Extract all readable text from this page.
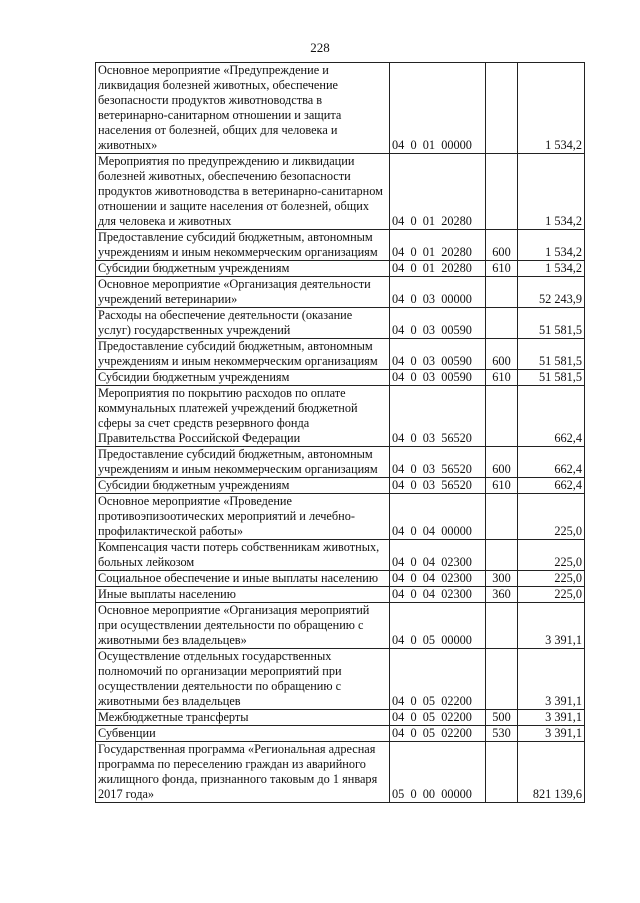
228
Основное мероприятие «Предупреждение и ликвидация болезней животных, обеспечение безопасности продуктов животноводства в ветеринарно-санитарном отношении и защита населения от болезней, общих для человека и животных»	04  0  01  00000		1 534,2
Мероприятия по предупреждению и ликвидации болезней животных, обеспечению безопасности продуктов животноводства в ветеринарно-санитарном отношении и защите населения от болезней, общих для человека и животных	04  0  01  20280		1 534,2
Предоставление субсидий бюджетным, автономным учреждениям и иным некоммерческим организациям	04  0  01  20280	600	1 534,2
Субсидии бюджетным учреждениям	04  0  01  20280	610	1 534,2
Основное мероприятие «Организация деятельности учреждений ветеринарии»	04  0  03  00000		52 243,9
Расходы на обеспечение деятельности (оказание услуг) государственных учреждений	04  0  03  00590		51 581,5
Предоставление субсидий бюджетным, автономным учреждениям и иным некоммерческим организациям	04  0  03  00590	600	51 581,5
Субсидии бюджетным учреждениям	04  0  03  00590	610	51 581,5
Мероприятия по покрытию расходов по оплате коммунальных платежей учреждений бюджетной сферы за счет средств резервного фонда Правительства Российской Федерации	04  0  03  56520		662,4
Предоставление субсидий бюджетным, автономным учреждениям и иным некоммерческим организациям	04  0  03  56520	600	662,4
Субсидии бюджетным учреждениям	04  0  03  56520	610	662,4
Основное мероприятие «Проведение противоэпизоотических мероприятий и лечебно-профилактической работы»	04  0  04  00000		225,0
Компенсация части потерь собственникам животных, больных лейкозом	04  0  04  02300		225,0
Социальное обеспечение и иные выплаты населению	04  0  04  02300	300	225,0
Иные выплаты населению	04  0  04  02300	360	225,0
Основное мероприятие «Организация мероприятий при осуществлении деятельности по обращению с животными без владельцев»	04  0  05  00000		3 391,1
Осуществление отдельных государственных полномочий по организации мероприятий при осуществлении деятельности по обращению с животными без владельцев	04  0  05  02200		3 391,1
Межбюджетные трансферты	04  0  05  02200	500	3 391,1
Субвенции	04  0  05  02200	530	3 391,1
Государственная программа «Региональная адресная программа по переселению граждан из аварийного жилищного фонда, признанного таковым до 1 января 2017 года»	05  0  00  00000		821 139,6
